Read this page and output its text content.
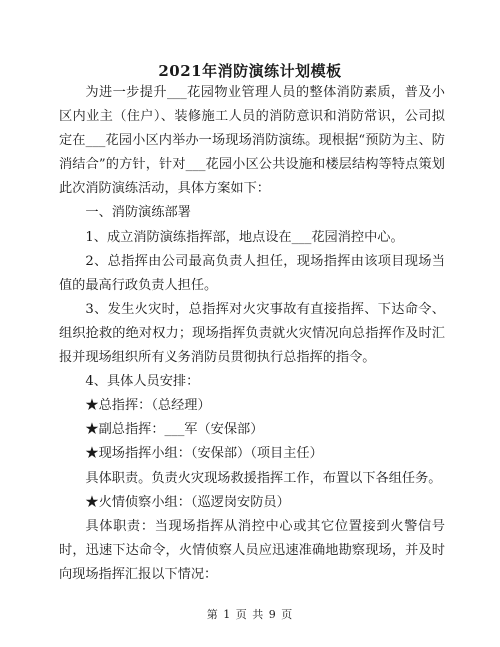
2021年消防演练计划模板

为进一步提升___花园物业管理人员的整体消防素质，普及小区内业主（住户）、装修施工人员的消防意识和消防常识，公司拟定在___花园小区内举办一场现场消防演练。现根据“预防为主、防消结合”的方针，针对___花园小区公共设施和楼层结构等特点策划此次消防演练活动，具体方案如下：

一、消防演练部署

1、成立消防演练指挥部，地点设在___花园消控中心。

2、总指挥由公司最高负责人担任，现场指挥由该项目现场当值的最高行政负责人担任。

3、发生火灾时，总指挥对火灾事故有直接指挥、下达命令、组织抢救的绝对权力；现场指挥负责就火灾情况向总指挥作及时汇报并现场组织所有义务消防员贯彻执行总指挥的指令。

4、具体人员安排：

★总指挥：（总经理）

★副总指挥：___军（安保部）

★现场指挥小组：（安保部）（项目主任）

具体职责。负责火灾现场救援指挥工作，布置以下各组任务。

★火情侦察小组：（巡逻岗安防员）

具体职责：当现场指挥从消控中心或其它位置接到火警信号时，迅速下达命令，火情侦察人员应迅速准确地勘察现场，并及时向现场指挥汇报以下情况：

第 1 页 共 9 页
